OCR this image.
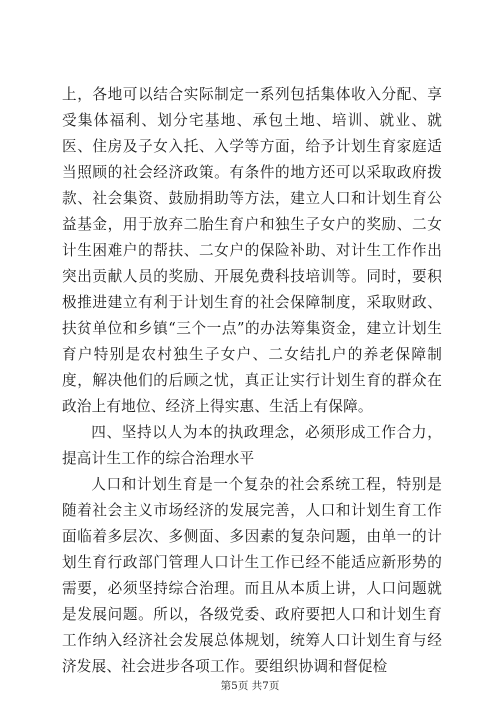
上，各地可以结合实际制定一系列包括集体收入分配、享受集体福利、划分宅基地、承包土地、培训、就业、就医、住房及子女入托、入学等方面，给予计划生育家庭适当照顾的社会经济政策。有条件的地方还可以采取政府拨款、社会集资、鼓励捐助等方法，建立人口和计划生育公益基金，用于放弃二胎生育户和独生子女户的奖励、二女计生困难户的帮扶、二女户的保险补助、对计生工作作出突出贡献人员的奖励、开展免费科技培训等。同时，要积极推进建立有利于计划生育的社会保障制度，采取财政、扶贫单位和乡镇“三个一点”的办法筹集资金，建立计划生育户特别是农村独生子女户、二女结扎户的养老保障制度，解决他们的后顾之忧，真正让实行计划生育的群众在政治上有地位、经济上得实惠、生活上有保障。

四、坚持以人为本的执政理念，必须形成工作合力，提高计生工作的综合治理水平

人口和计划生育是一个复杂的社会系统工程，特别是随着社会主义市场经济的发展完善，人口和计划生育工作面临着多层次、多侧面、多因素的复杂问题，由单一的计划生育行政部门管理人口计生工作已经不能适应新形势的需要，必须坚持综合治理。而且从本质上讲，人口问题就是发展问题。所以，各级党委、政府要把人口和计划生育工作纳入经济社会发展总体规划，统筹人口计划生育与经济发展、社会进步各项工作。要组织协调和督促检

第5页 共7页
